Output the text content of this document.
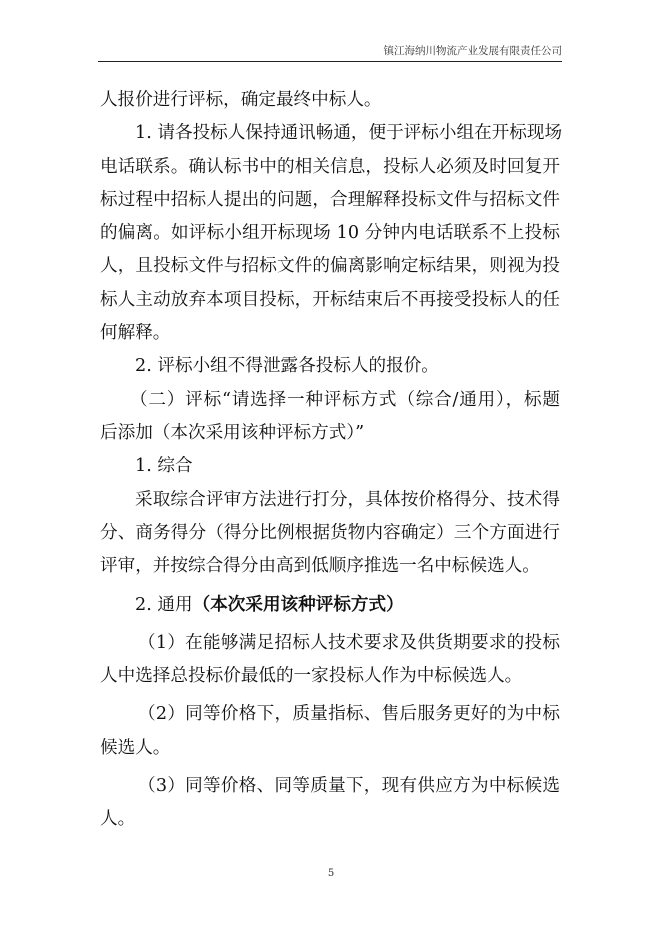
镇江海纳川物流产业发展有限责任公司
人报价进行评标，确定最终中标人。
1. 请各投标人保持通讯畅通，便于评标小组在开标现场
电话联系。确认标书中的相关信息，投标人必须及时回复开
标过程中招标人提出的问题，合理解释投标文件与招标文件
的偏离。如评标小组开标现场 10 分钟内电话联系不上投标
人，且投标文件与招标文件的偏离影响定标结果，则视为投
标人主动放弃本项目投标，开标结束后不再接受投标人的任
何解释。
2. 评标小组不得泄露各投标人的报价。
（二）评标“请选择一种评标方式（综合/通用），标题
后添加（本次采用该种评标方式）”
1. 综合
采取综合评审方法进行打分，具体按价格得分、技术得
分、商务得分（得分比例根据货物内容确定）三个方面进行
评审，并按综合得分由高到低顺序推选一名中标候选人。
2. 通用（本次采用该种评标方式）
（1）在能够满足招标人技术要求及供货期要求的投标
人中选择总投标价最低的一家投标人作为中标候选人。
（2）同等价格下，质量指标、售后服务更好的为中标
候选人。
（3）同等价格、同等质量下，现有供应方为中标候选
人。
5
